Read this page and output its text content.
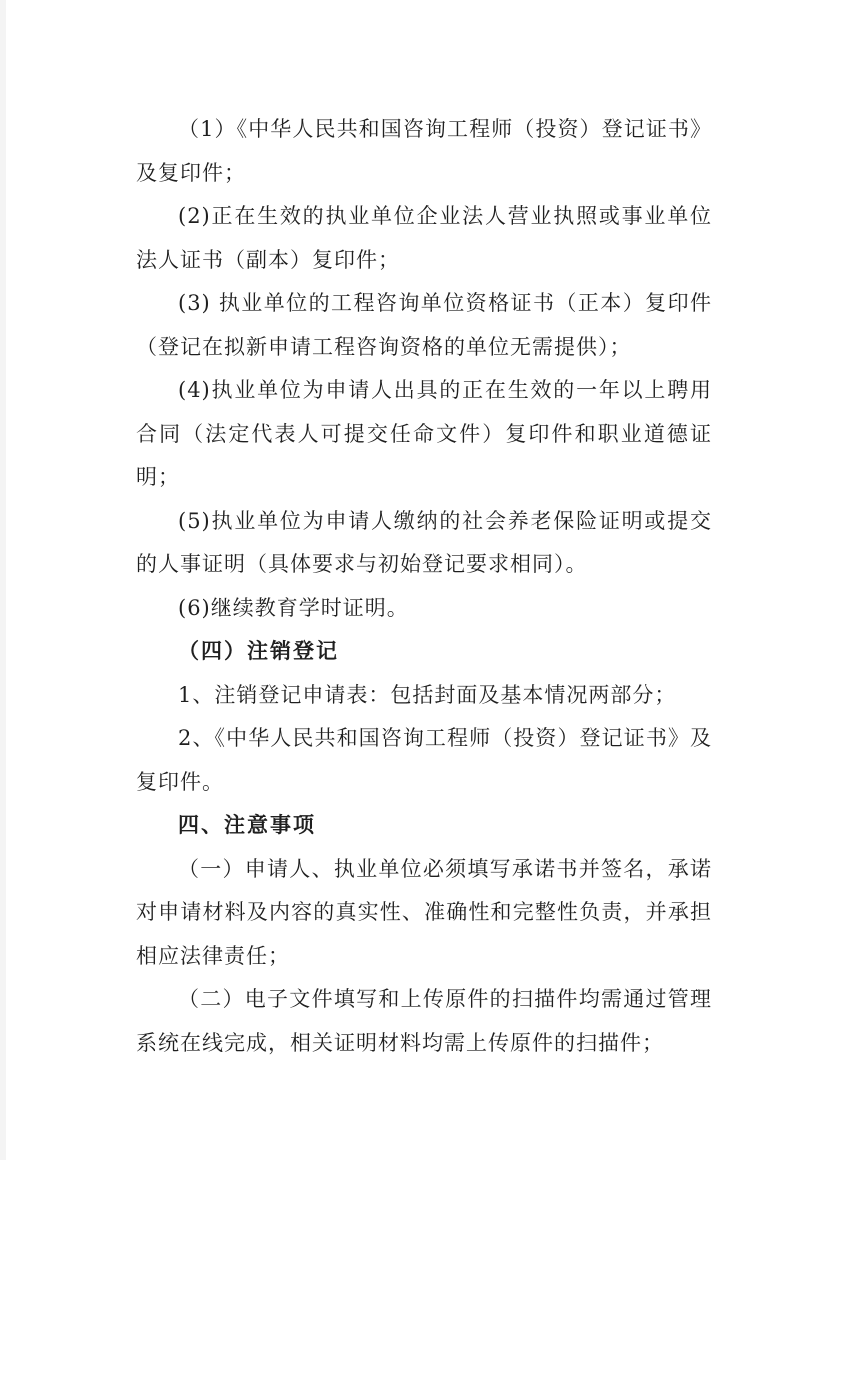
（1）《中华人民共和国咨询工程师（投资）登记证书》及复印件；

(2)正在生效的执业单位企业法人营业执照或事业单位法人证书（副本）复印件；

(3) 执业单位的工程咨询单位资格证书（正本）复印件（登记在拟新申请工程咨询资格的单位无需提供）；

(4)执业单位为申请人出具的正在生效的一年以上聘用合同（法定代表人可提交任命文件）复印件和职业道德证明；

(5)执业单位为申请人缴纳的社会养老保险证明或提交的人事证明（具体要求与初始登记要求相同）。

(6)继续教育学时证明。

（四）注销登记

1、注销登记申请表：包括封面及基本情况两部分；

2、《中华人民共和国咨询工程师（投资）登记证书》及复印件。

四、注意事项

（一）申请人、执业单位必须填写承诺书并签名，承诺对申请材料及内容的真实性、准确性和完整性负责，并承担相应法律责任；

（二）电子文件填写和上传原件的扫描件均需通过管理系统在线完成，相关证明材料均需上传原件的扫描件；
